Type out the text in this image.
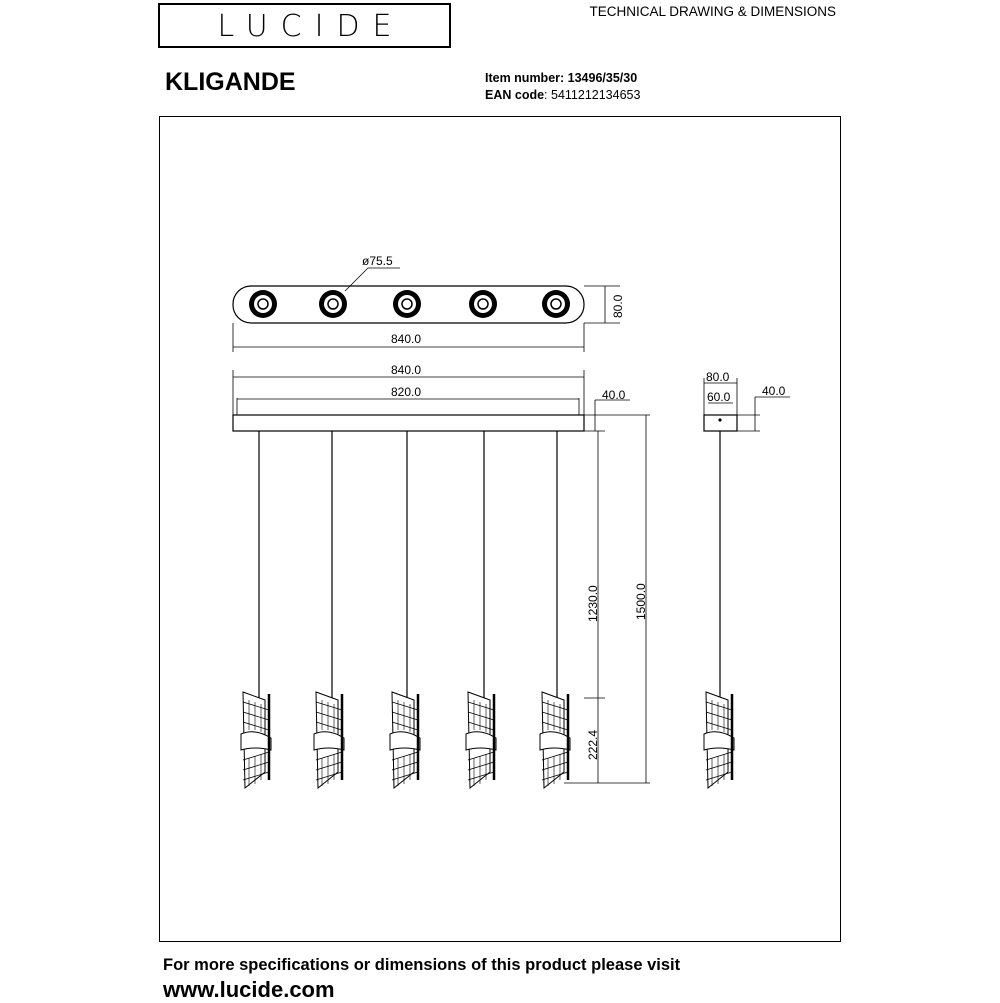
LUCIDE	TECHNICAL DRAWING & DIMENSIONS
KLIGANDE	Item number: 13496/35/30
EAN code: 5411212134653
ø75.5
80.0
840.0
840.0
820.0	40.0
1230.0
222.4
1500.0
80.0
60.0	40.0
For more specifications or dimensions of this product please visit
www.lucide.com
